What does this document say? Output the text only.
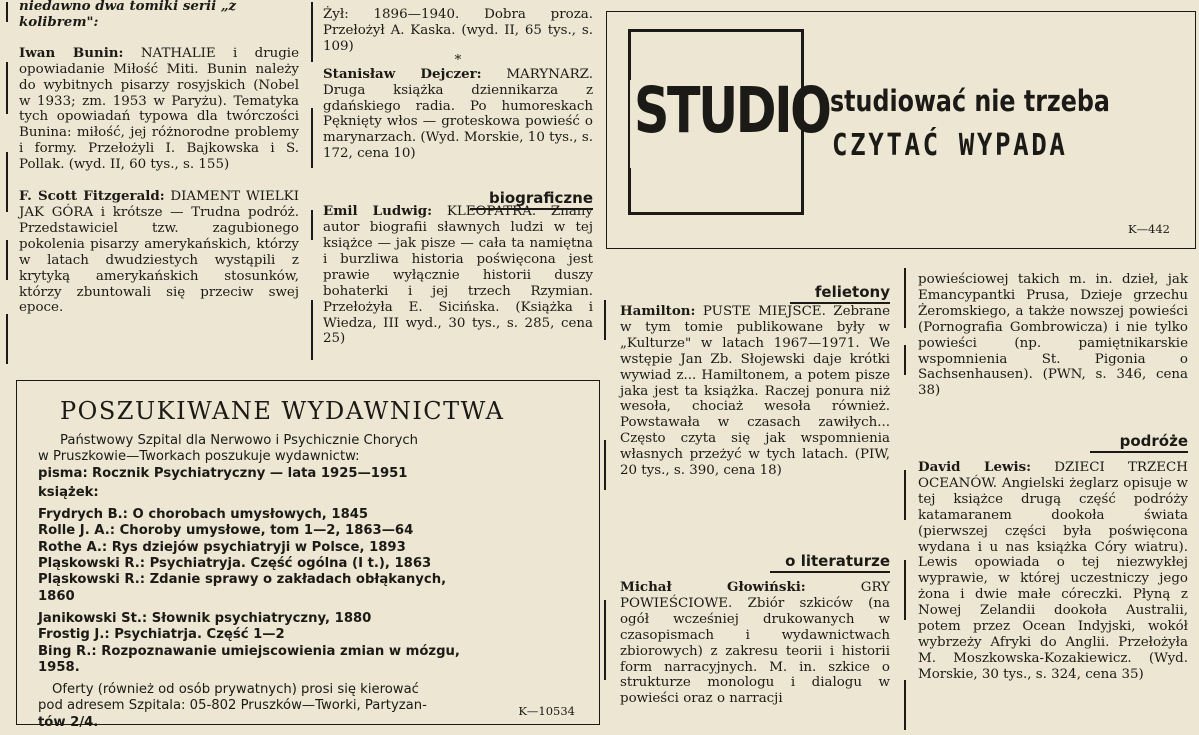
niedawno dwa tomiki serii „z kolibrem":

Iwan Bunin: NATHALIE i drugie opowiadanie Miłość Miti. Bunin należy do wybitnych pisarzy rosyjskich (Nobel w 1933; zm. 1953 w Paryżu). Tematyka tych opowiadań typowa dla twórczości Bunina: miłość, jej różnorodne problemy i formy. Przełożyli I. Bajkowska i S. Pollak. (wyd. II, 60 tys., s. 155)

F. Scott Fitzgerald: DIAMENT WIELKI JAK GÓRA i krótsze — Trudna podróż. Przedstawiciel tzw. zagubionego pokolenia pisarzy amerykańskich, którzy w latach dwudziestych wystąpili z krytyką amerykańskich stosunków, którzy zbuntowali się przeciw swej epoce.

Żył: 1896—1940. Dobra proza. Przełożył A. Kaska. (wyd. II, 65 tys., s. 109)

*

Stanisław Dejczer: MARYNARZ. Druga książka dziennikarza z gdańskiego radia. Po humoreskach Pęknięty włos — groteskowa powieść o marynarzach. (Wyd. Morskie, 10 tys., s. 172, cena 10)

Emil Ludwig: KLEOPATRA. Znany autor biografii sławnych ludzi w tej książce — jak pisze — cała ta namiętna i burzliwa historia poświęcona jest prawie wyłącznie historii duszy bohaterki i jej trzech Rzymian. Przełożyła E. Sicińska. (Książka i Wiedza, III wyd., 30 tys., s. 285, cena 25)

biograficzne
STUDIO studiować nie trzeba
CZYTAĆ WYPADA
K—442
felietony

Hamilton: PUSTE MIEJSCE. Zebrane w tym tomie publikowane były w „Kulturze" w latach 1967—1971. We wstępie Jan Zb. Słojewski daje krótki wywiad z... Hamiltonem, a potem pisze jaka jest ta książka. Raczej ponura niż wesoła, chociaż wesoła również. Powstawała w czasach zawiłych... Często czyta się jak wspomnienia własnych przeżyć w tych latach. (PIW, 20 tys., s. 390, cena 18)

o literaturze

Michał Głowiński:	GRY POWIEŚCIOWE. Zbiór szkiców (na ogół wcześniej drukowanych w czasopismach i wydawnictwach zbiorowych) z zakresu teorii i historii form narracyjnych. M. in. szkice o strukturze monologu i dialogu w powieści oraz o narracji

powieściowej takich m. in. dzieł, jak Emancypantki Prusa, Dzieje grzechu Żeromskiego, a także nowszej powieści (Pornografia Gombrowicza) i nie tylko powieści (np. pamiętnikarskie wspomnienia St. Pigonia o Sachsenhausen). (PWN, s. 346, cena 38)

podróże

David Lewis: DZIECI TRZECH OCEANÓW. Angielski żeglarz opisuje w tej książce drugą część podróży katamaranem dookoła świata (pierwszej części była poświęcona wydana i u nas książka Córy wiatru). Lewis opowiada o tej niezwykłej wyprawie, w której uczestniczy jego żona i dwie małe córeczki. Płyną z Nowej Zelandii dookoła Australii, potem przez Ocean Indyjski, wokół wybrzeży Afryki do Anglii. Przełożyła M. Moszkowska-Kozakiewicz. (Wyd. Morskie, 30 tys., s. 324, cena 35)

POSZUKIWANE WYDAWNICTWA
Państwowy Szpital dla Nerwowo i Psychicznie Chorych
w Pruszkowie—Tworkach poszukuje wydawnictw:
pisma: Rocznik Psychiatryczny — lata 1925—1951
książek:
Frydrych B.: O chorobach umysłowych, 1845
Rolle J. A.: Choroby umysłowe, tom 1—2, 1863—64
Rothe A.: Rys dziejów psychiatryji w Polsce, 1893
Pląskowski R.: Psychiatryja. Część ogólna (I t.), 1863
Pląskowski R.: Zdanie sprawy o zakładach obłąkanych,
1860
Janikowski St.: Słownik psychiatryczny, 1880
Frostig J.: Psychiatrja. Część 1—2
Bing R.: Rozpoznawanie umiejscowienia zmian w mózgu,
1958.
Oferty (również od osób prywatnych) prosi się kierować
pod adresem Szpitala: 05-802 Pruszków—Tworki, Partyzan-
tów 2/4.
K—10534
